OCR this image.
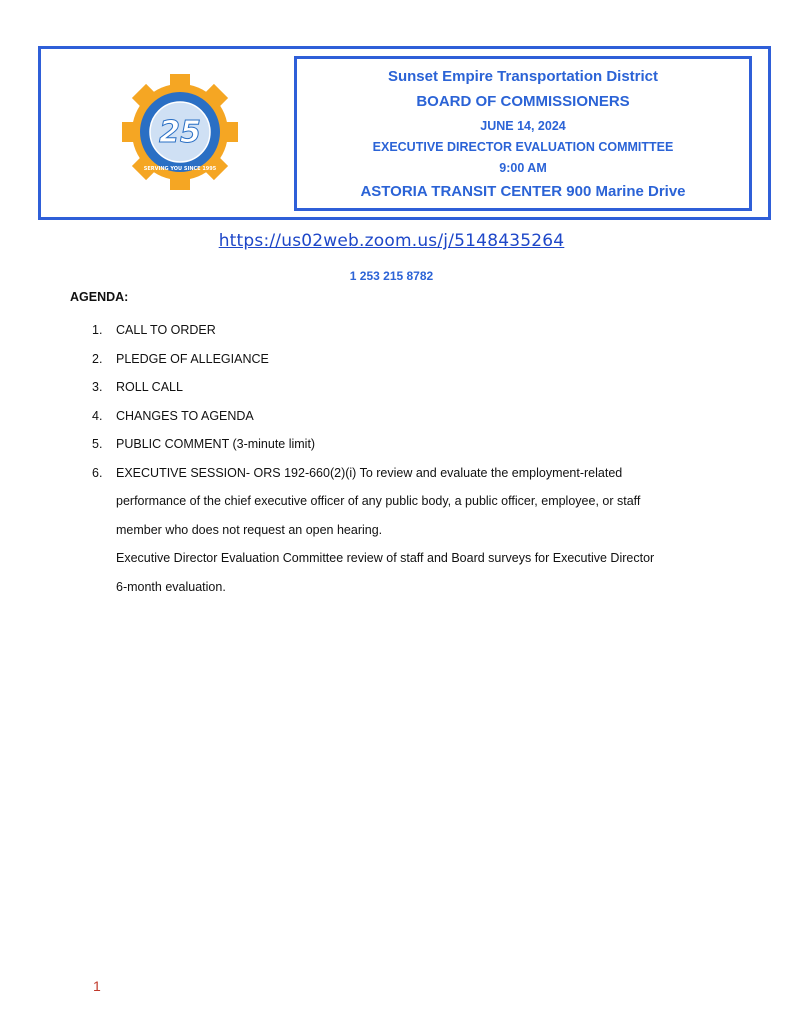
25
SERVING YOU SINCE 1995
Sunset Empire Transportation District
BOARD OF COMMISSIONERS
JUNE 14, 2024
EXECUTIVE DIRECTOR EVALUATION COMMITTEE
9:00 AM
ASTORIA TRANSIT CENTER 900 Marine Drive
https://us02web.zoom.us/j/5148435264
1 253 215 8782
AGENDA:
1.	CALL TO ORDER
2.	PLEDGE OF ALLEGIANCE
3.	ROLL CALL
4.	CHANGES TO AGENDA
5.	PUBLIC COMMENT (3-minute limit)
6.	EXECUTIVE SESSION- ORS 192-660(2)(i) To review and evaluate the employment-related
performance of the chief executive officer of any public body, a public officer, employee, or staff
member who does not request an open hearing.
Executive Director Evaluation Committee review of staff and Board surveys for Executive Director
6-month evaluation.
1
